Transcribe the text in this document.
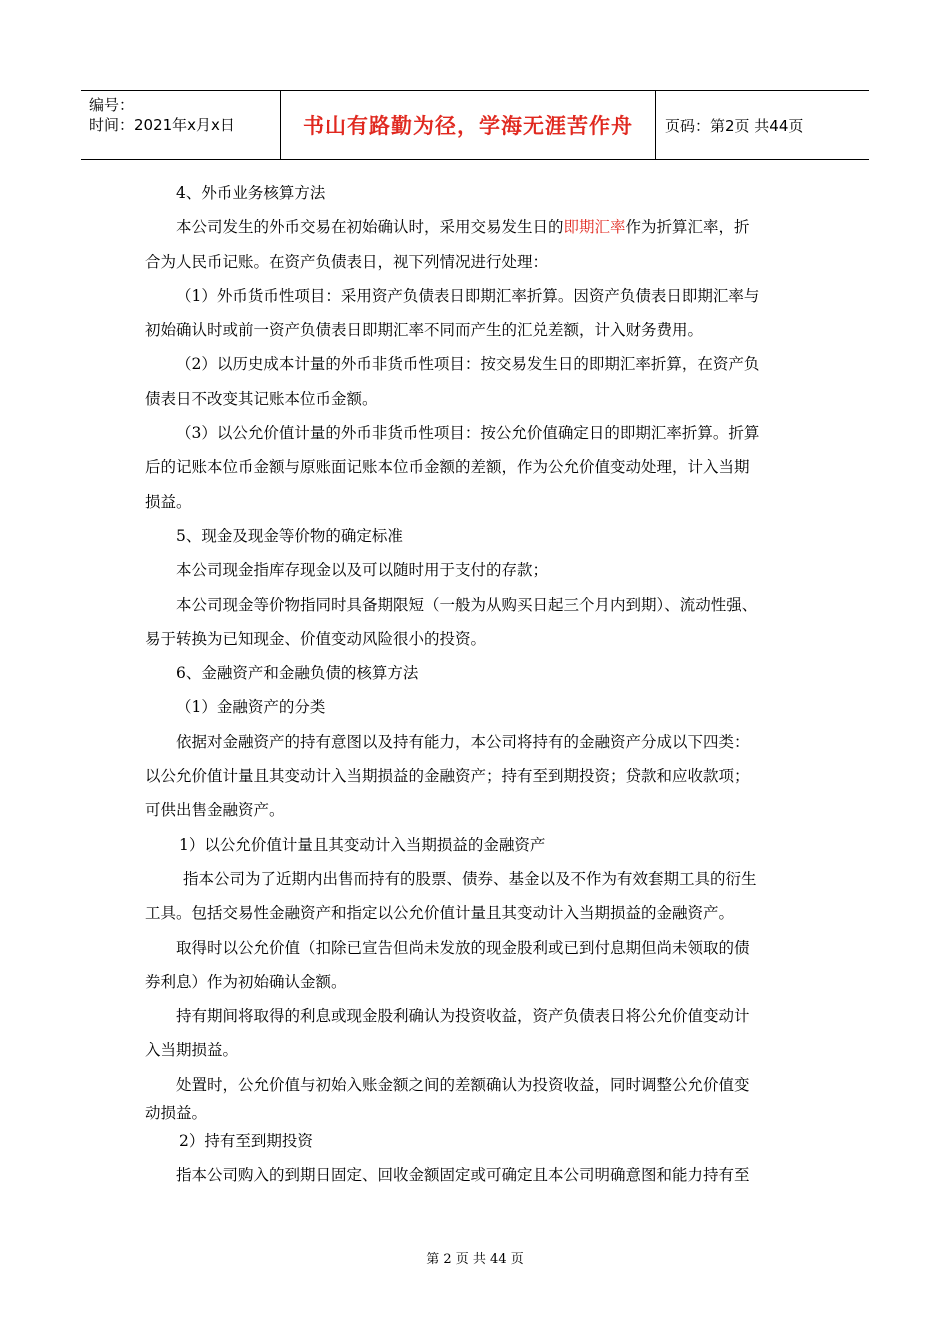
编号：
时间：2021年x月x日	书山有路勤为径，学海无涯苦作舟	页码：第2页 共44页

4、外币业务核算方法

本公司发生的外币交易在初始确认时，采用交易发生日的即期汇率作为折算汇率，折

合为人民币记账。在资产负债表日，视下列情况进行处理：

（1）外币货币性项目：采用资产负债表日即期汇率折算。因资产负债表日即期汇率与

初始确认时或前一资产负债表日即期汇率不同而产生的汇兑差额，计入财务费用。

（2）以历史成本计量的外币非货币性项目：按交易发生日的即期汇率折算，在资产负

债表日不改变其记账本位币金额。

（3）以公允价值计量的外币非货币性项目：按公允价值确定日的即期汇率折算。折算

后的记账本位币金额与原账面记账本位币金额的差额，作为公允价值变动处理，计入当期

损益。

5、现金及现金等价物的确定标准

本公司现金指库存现金以及可以随时用于支付的存款；

本公司现金等价物指同时具备期限短（一般为从购买日起三个月内到期）、流动性强、

易于转换为已知现金、价值变动风险很小的投资。

6、金融资产和金融负债的核算方法

（1）金融资产的分类

依据对金融资产的持有意图以及持有能力，本公司将持有的金融资产分成以下四类：

以公允价值计量且其变动计入当期损益的金融资产；持有至到期投资；贷款和应收款项；

可供出售金融资产。

1）以公允价值计量且其变动计入当期损益的金融资产

指本公司为了近期内出售而持有的股票、债券、基金以及不作为有效套期工具的衍生

工具。包括交易性金融资产和指定以公允价值计量且其变动计入当期损益的金融资产。

取得时以公允价值（扣除已宣告但尚未发放的现金股利或已到付息期但尚未领取的债

券利息）作为初始确认金额。

持有期间将取得的利息或现金股利确认为投资收益，资产负债表日将公允价值变动计

入当期损益。

处置时，公允价值与初始入账金额之间的差额确认为投资收益，同时调整公允价值变

动损益。

2）持有至到期投资

指本公司购入的到期日固定、回收金额固定或可确定且本公司明确意图和能力持有至

第 2 页 共 44 页
